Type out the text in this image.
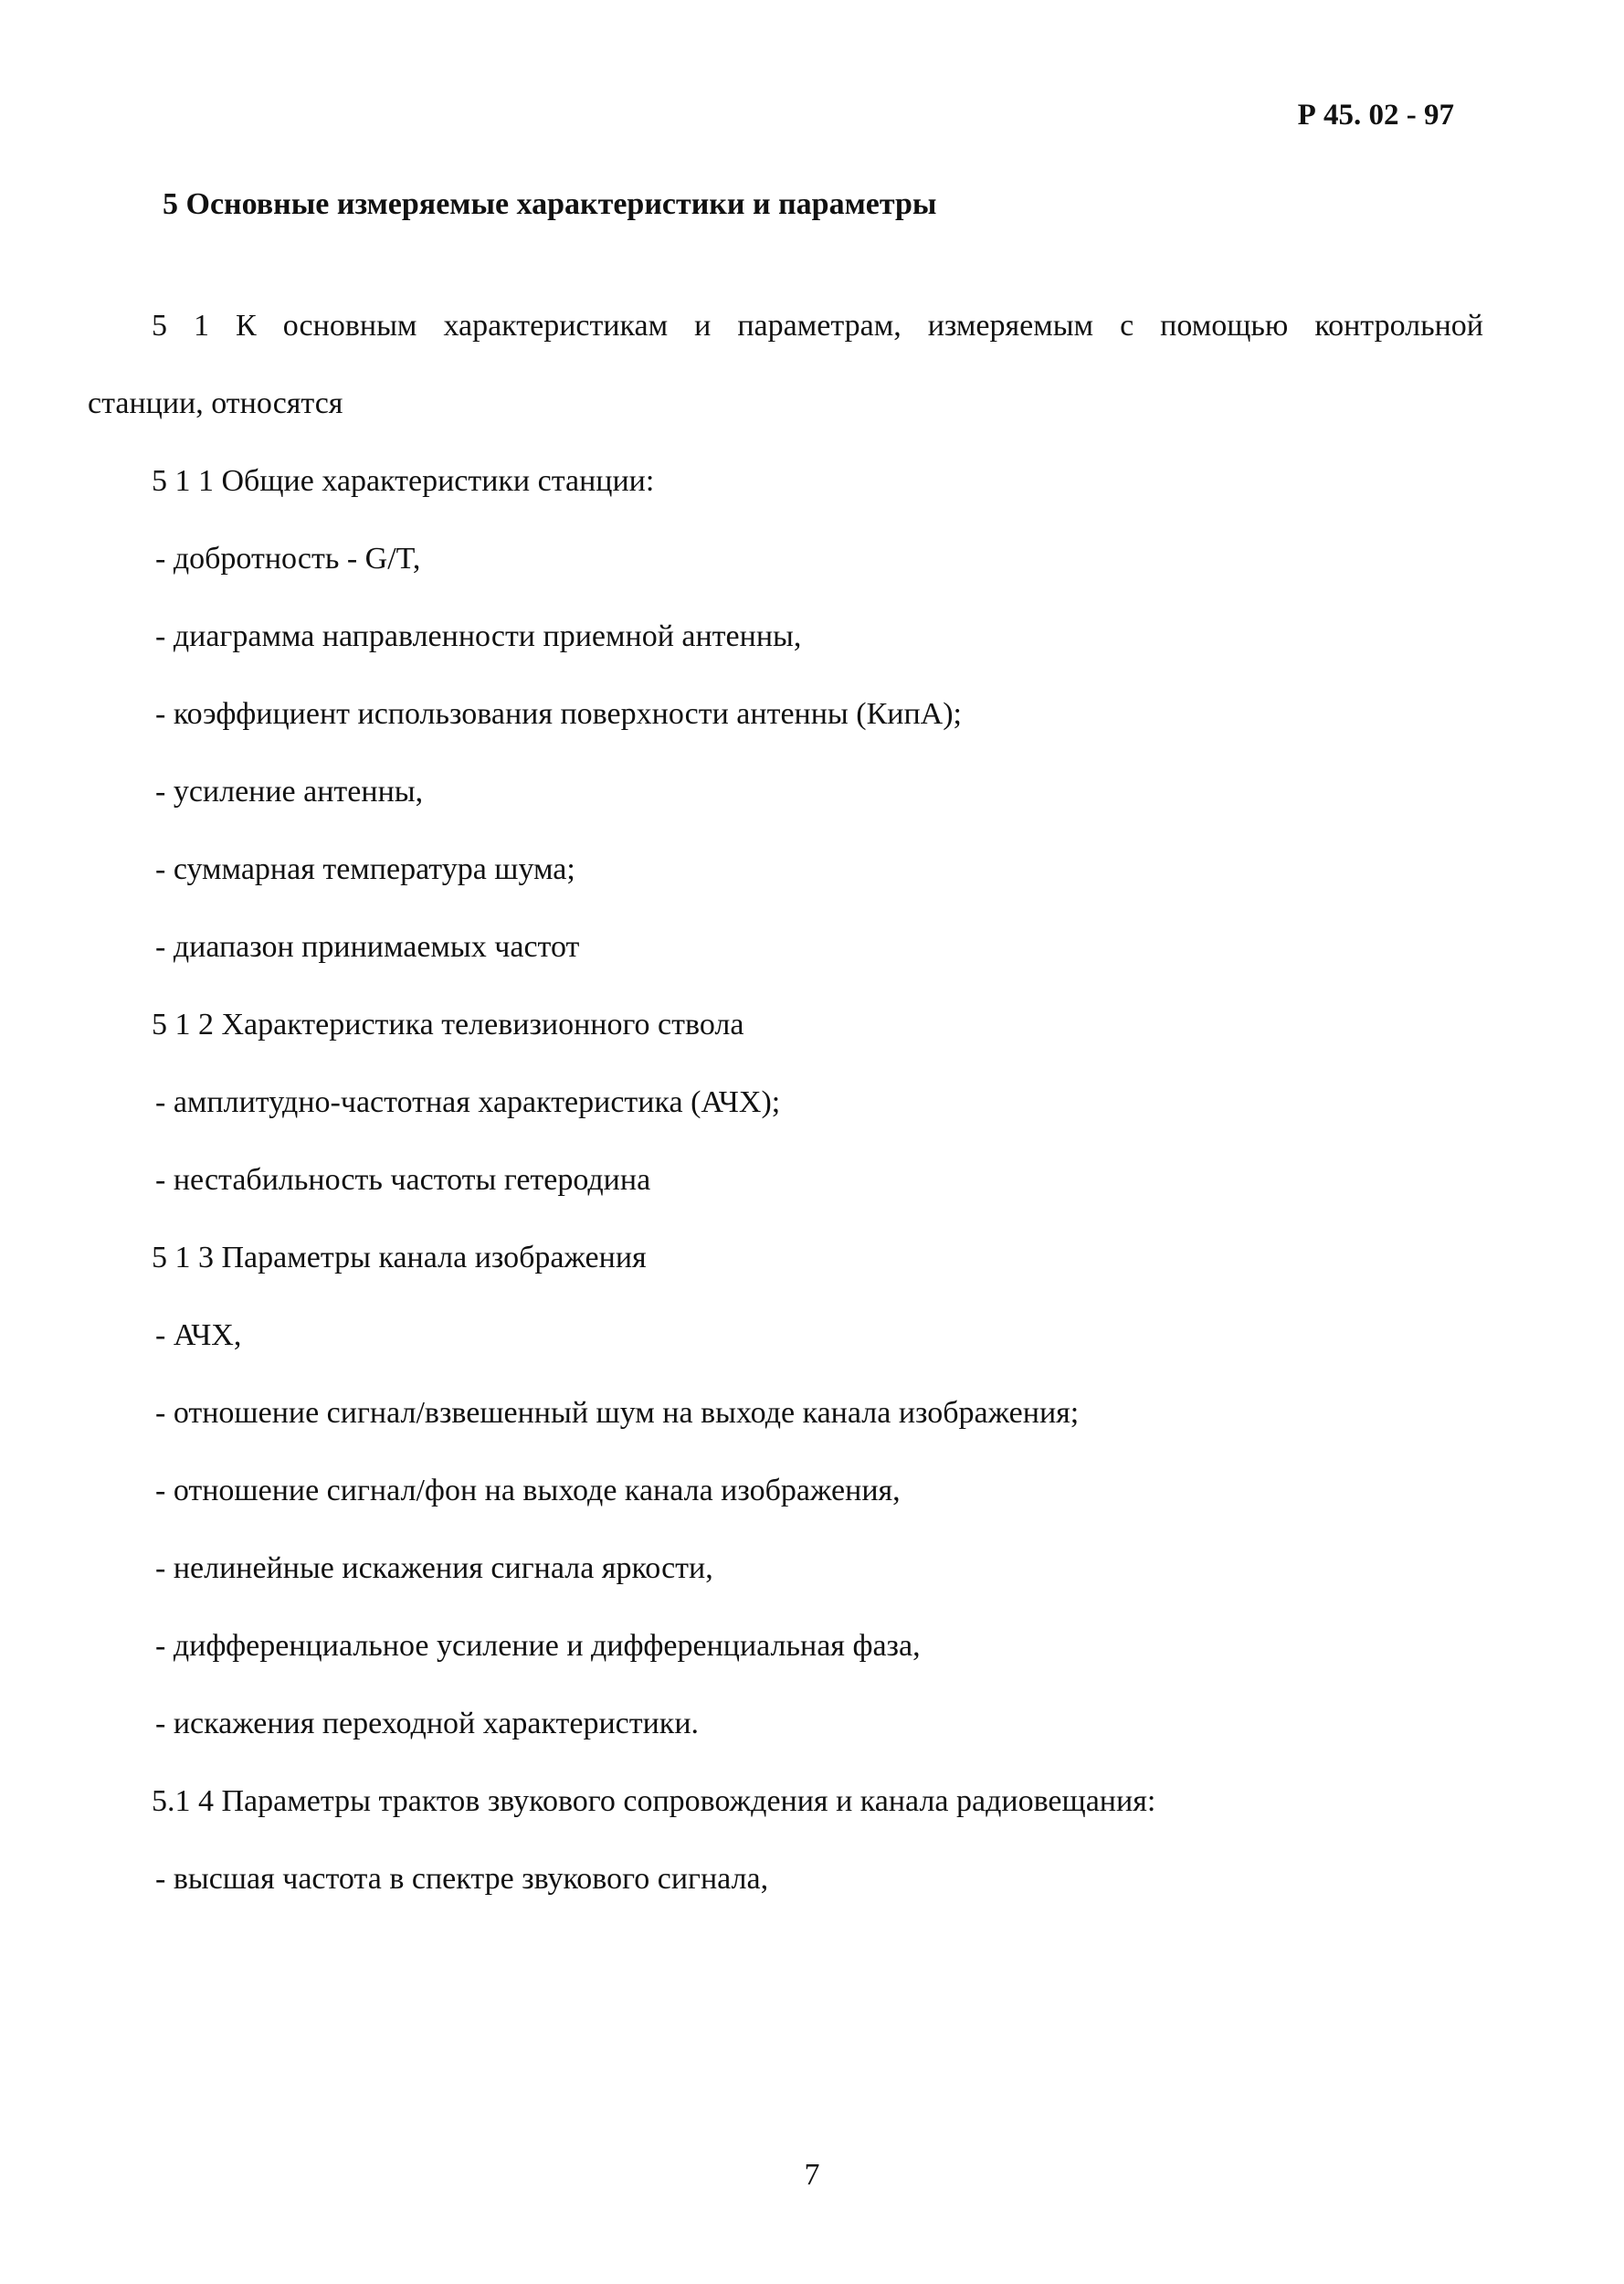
Р 45. 02 - 97
5 Основные измеряемые характеристики и параметры
5 1 К основным характеристикам и параметрам, измеряемым с помощью контрольной
станции, относятся
5 1 1 Общие характеристики станции:
- добротность - G/T,
- диаграмма направленности приемной антенны,
- коэффициент использования поверхности антенны (КипА);
- усиление антенны,
- суммарная температура шума;
- диапазон принимаемых частот
5 1 2 Характеристика телевизионного ствола
- амплитудно-частотная характеристика (АЧХ);
- нестабильность частоты гетеродина
5 1 3 Параметры канала изображения
- АЧХ,
- отношение сигнал/взвешенный шум на выходе канала изображения;
- отношение сигнал/фон на выходе канала изображения,
- нелинейные искажения сигнала яркости,
- дифференциальное усиление и дифференциальная фаза,
- искажения переходной характеристики.
5.1 4 Параметры трактов звукового сопровождения и канала радиовещания:
- высшая частота в спектре звукового сигнала,
7
